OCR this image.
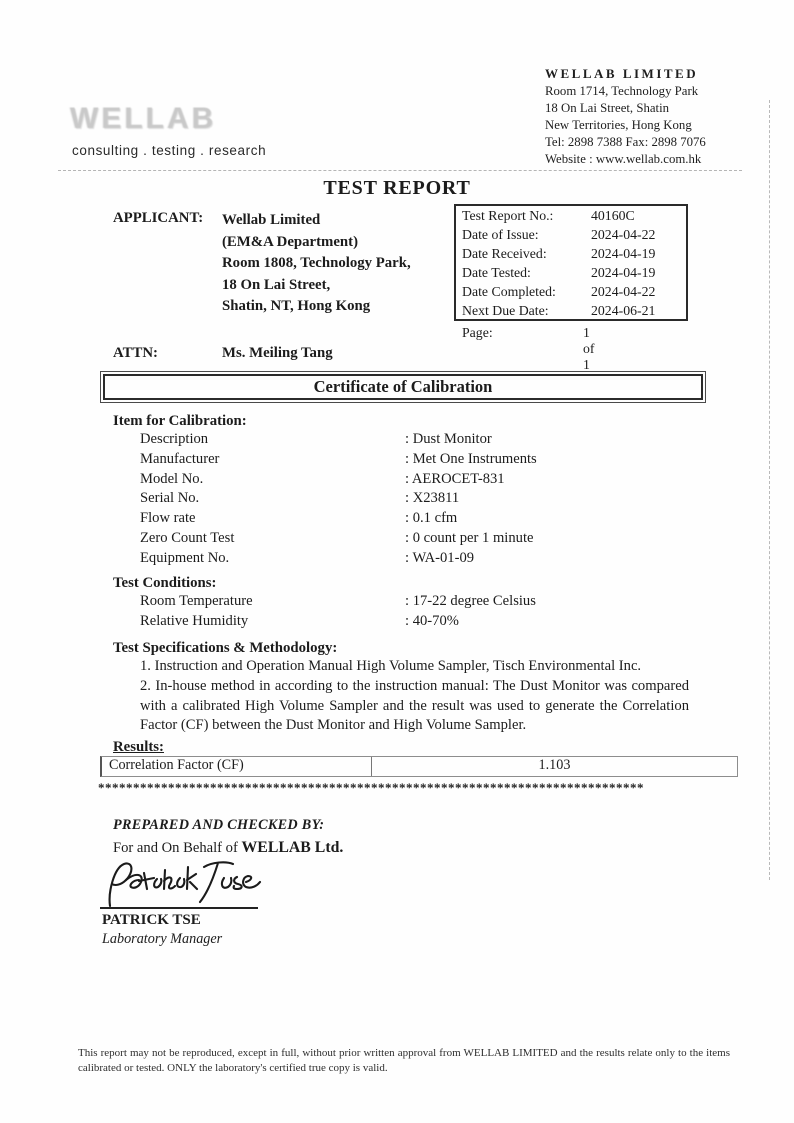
WELLAB
consulting . testing . research
WELLAB LIMITED
Room 1714, Technology Park
18 On Lai Street, Shatin
New Territories, Hong Kong
Tel: 2898 7388 Fax: 2898 7076
Website : www.wellab.com.hk
TEST REPORT
APPLICANT: Wellab Limited
(EM&A Department)
Room 1808, Technology Park,
18 On Lai Street,
Shatin, NT, Hong Kong
Test Report No.:	40160C
Date of Issue:	2024-04-22
Date Received:	2024-04-19
Date Tested:	2024-04-19
Date Completed:	2024-04-22
Next Due Date:	2024-06-21
Page:	1 of 1
ATTN:	Ms. Meiling Tang
Certificate of Calibration
Item for Calibration:
Description	: Dust Monitor
Manufacturer	: Met One Instruments
Model No.	: AEROCET-831
Serial No.	: X23811
Flow rate	: 0.1 cfm
Zero Count Test	: 0 count per 1 minute
Equipment No.	: WA-01-09
Test Conditions:
Room Temperature	: 17-22 degree Celsius
Relative Humidity	: 40-70%
Test Specifications & Methodology:
1. Instruction and Operation Manual High Volume Sampler, Tisch Environmental Inc.
2. In-house method in according to the instruction manual: The Dust Monitor was compared with a calibrated High Volume Sampler and the result was used to generate the Correlation Factor (CF) between the Dust Monitor and High Volume Sampler.
Results:
Correlation Factor (CF)	1.103
******************************************************************************
PREPARED AND CHECKED BY:
For and On Behalf of WELLAB Ltd.
PATRICK TSE
Laboratory Manager
This report may not be reproduced, except in full, without prior written approval from WELLAB LIMITED and the results relate only to the items calibrated or tested. ONLY the laboratory's certified true copy is valid.
